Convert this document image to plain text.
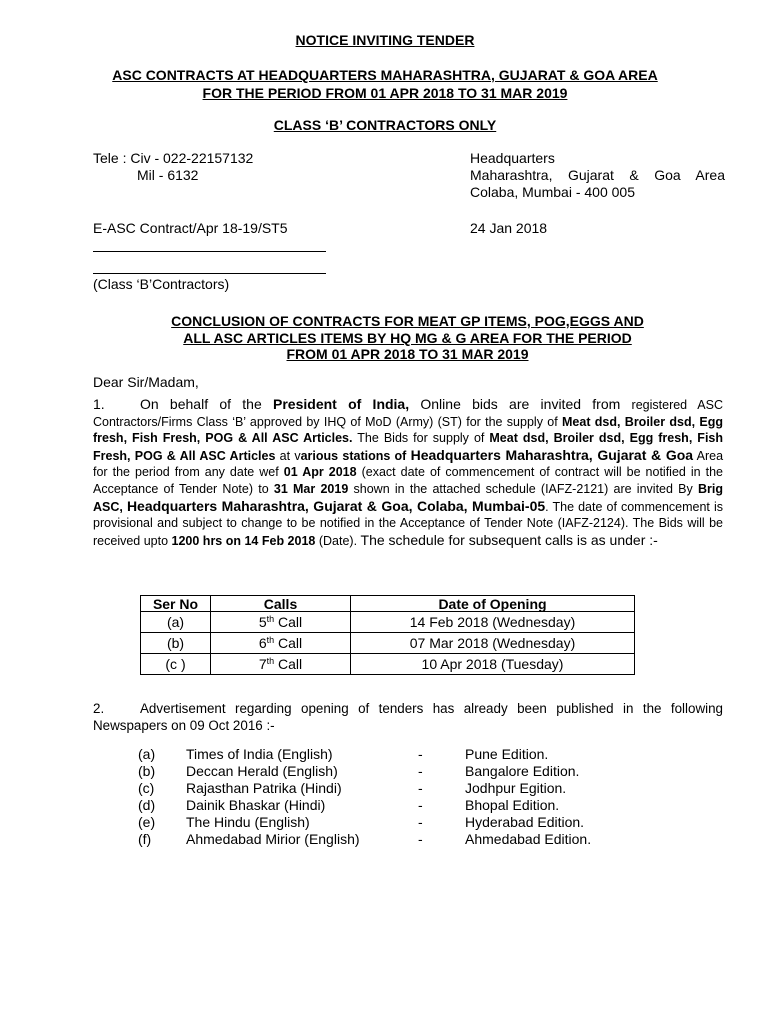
NOTICE INVITING TENDER
ASC CONTRACTS AT HEADQUARTERS MAHARASHTRA, GUJARAT & GOA AREA
FOR THE PERIOD FROM 01 APR 2018 TO 31 MAR 2019
CLASS ‘B’ CONTRACTORS ONLY
Tele : Civ - 022-22157132
Mil - 6132
Headquarters
Maharashtra, Gujarat & Goa Area
Colaba, Mumbai - 400 005
E-ASC Contract/Apr 18-19/ST5	24 Jan 2018
(Class ‘B’Contractors)
CONCLUSION OF CONTRACTS FOR MEAT GP ITEMS, POG,EGGS AND
ALL ASC ARTICLES ITEMS BY HQ MG & G AREA FOR THE PERIOD
FROM 01 APR 2018 TO 31 MAR 2019
Dear Sir/Madam,
1.	On behalf of the President of India, Online bids are invited from registered ASC Contractors/Firms Class ‘B’ approved by IHQ of MoD (Army) (ST) for the supply of Meat dsd, Broiler dsd, Egg fresh, Fish Fresh, POG & All ASC Articles. The Bids for supply of Meat dsd, Broiler dsd, Egg fresh, Fish Fresh, POG & All ASC Articles at various stations of Headquarters Maharashtra, Gujarat & Goa Area for the period from any date wef 01 Apr 2018 (exact date of commencement of contract will be notified in the Acceptance of Tender Note) to 31 Mar 2019 shown in the attached schedule (IAFZ-2121) are invited By Brig ASC, Headquarters Maharashtra, Gujarat & Goa, Colaba, Mumbai-05. The date of commencement is provisional and subject to change to be notified in the Acceptance of Tender Note (IAFZ-2124). The Bids will be received upto 1200 hrs on 14 Feb 2018 (Date). The schedule for subsequent calls is as under :-
Ser No	Calls	Date of Opening
(a)	5th Call	14 Feb 2018 (Wednesday)
(b)	6th Call	07 Mar 2018 (Wednesday)
(c )	7th Call	10 Apr 2018 (Tuesday)
2.	Advertisement regarding opening of tenders has already been published in the following Newspapers on 09 Oct 2016 :-
(a) Times of India (English)	-	Pune Edition.
(b) Deccan Herald (English)	-	Bangalore Edition.
(c) Rajasthan Patrika (Hindi)	-	Jodhpur Egition.
(d) Dainik Bhaskar (Hindi)	-	Bhopal Edition.
(e) The Hindu (English)	-	Hyderabad Edition.
(f) Ahmedabad Mirior (English)	-	Ahmedabad Edition.
